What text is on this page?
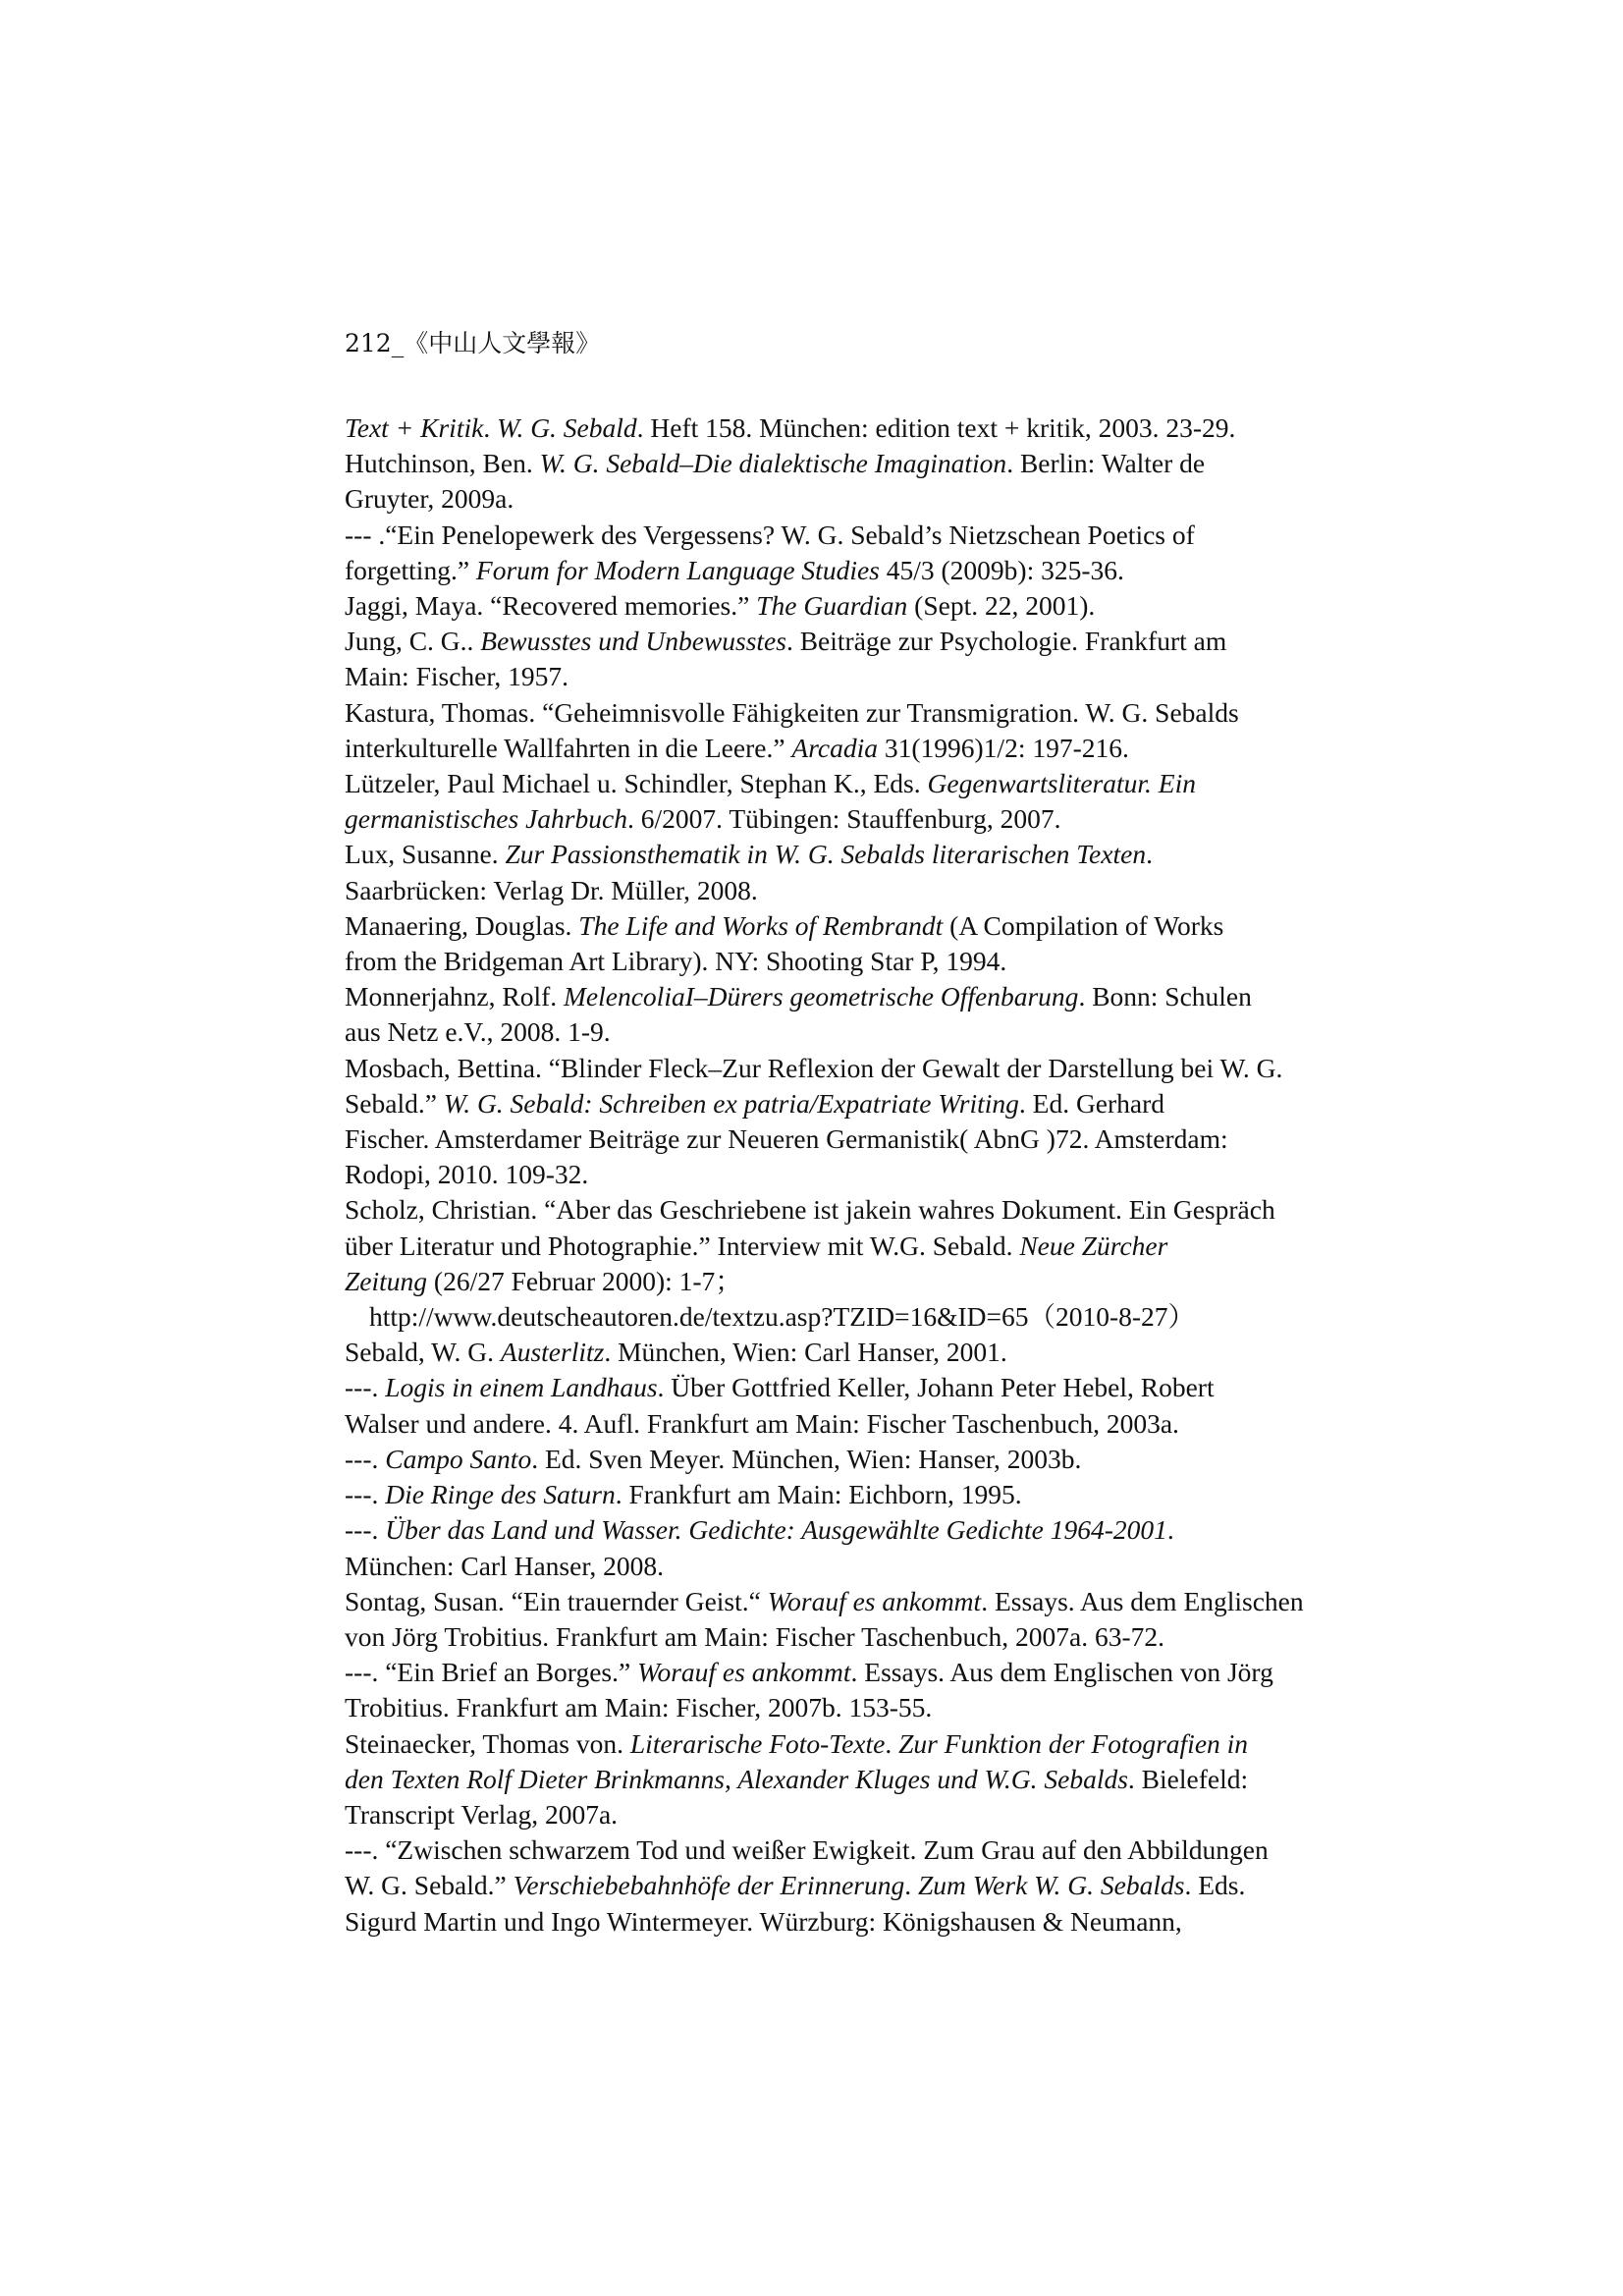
212_《中山人文學報》
Text + Kritik. W. G. Sebald. Heft 158. München: edition text + kritik, 2003. 23-29.
Hutchinson, Ben. W. G. Sebald–Die dialektische Imagination. Berlin: Walter de
Gruyter, 2009a.
--- .“Ein Penelopewerk des Vergessens? W. G. Sebald’s Nietzschean Poetics of
forgetting.” Forum for Modern Language Studies 45/3 (2009b): 325-36.
Jaggi, Maya. “Recovered memories.” The Guardian (Sept. 22, 2001).
Jung, C. G.. Bewusstes und Unbewusstes. Beiträge zur Psychologie. Frankfurt am
Main: Fischer, 1957.
Kastura, Thomas. “Geheimnisvolle Fähigkeiten zur Transmigration. W. G. Sebalds
interkulturelle Wallfahrten in die Leere.” Arcadia 31(1996)1/2: 197-216.
Lützeler, Paul Michael u. Schindler, Stephan K., Eds. Gegenwartsliteratur. Ein
germanistisches Jahrbuch. 6/2007. Tübingen: Stauffenburg, 2007.
Lux, Susanne. Zur Passionsthematik in W. G. Sebalds literarischen Texten.
Saarbrücken: Verlag Dr. Müller, 2008.
Manaering, Douglas. The Life and Works of Rembrandt (A Compilation of Works
from the Bridgeman Art Library). NY: Shooting Star P, 1994.
Monnerjahnz, Rolf. MelencoliaI–Dürers geometrische Offenbarung. Bonn: Schulen
aus Netz e.V., 2008. 1-9.
Mosbach, Bettina. “Blinder Fleck–Zur Reflexion der Gewalt der Darstellung bei W. G.
Sebald.” W. G. Sebald: Schreiben ex patria/Expatriate Writing. Ed. Gerhard
Fischer. Amsterdamer Beiträge zur Neueren Germanistik( AbnG )72. Amsterdam:
Rodopi, 2010. 109-32.
Scholz, Christian. “Aber das Geschriebene ist jakein wahres Dokument. Ein Gespräch
über Literatur und Photographie.” Interview mit W.G. Sebald. Neue Zürcher
Zeitung (26/27 Februar 2000): 1-7；
http://www.deutscheautoren.de/textzu.asp?TZID=16&ID=65（2010-8-27）
Sebald, W. G. Austerlitz. München, Wien: Carl Hanser, 2001.
---. Logis in einem Landhaus. Über Gottfried Keller, Johann Peter Hebel, Robert
Walser und andere. 4. Aufl. Frankfurt am Main: Fischer Taschenbuch, 2003a.
---. Campo Santo. Ed. Sven Meyer. München, Wien: Hanser, 2003b.
---. Die Ringe des Saturn. Frankfurt am Main: Eichborn, 1995.
---. Über das Land und Wasser. Gedichte: Ausgewählte Gedichte 1964-2001.
München: Carl Hanser, 2008.
Sontag, Susan. “Ein trauernder Geist.“ Worauf es ankommt. Essays. Aus dem Englischen
von Jörg Trobitius. Frankfurt am Main: Fischer Taschenbuch, 2007a. 63-72.
---. “Ein Brief an Borges.” Worauf es ankommt. Essays. Aus dem Englischen von Jörg
Trobitius. Frankfurt am Main: Fischer, 2007b. 153-55.
Steinaecker, Thomas von. Literarische Foto-Texte. Zur Funktion der Fotografien in
den Texten Rolf Dieter Brinkmanns, Alexander Kluges und W.G. Sebalds. Bielefeld:
Transcript Verlag, 2007a.
---. “Zwischen schwarzem Tod und weißer Ewigkeit. Zum Grau auf den Abbildungen
W. G. Sebald.” Verschiebebahnhöfe der Erinnerung. Zum Werk W. G. Sebalds. Eds.
Sigurd Martin und Ingo Wintermeyer. Würzburg: Königshausen & Neumann,
